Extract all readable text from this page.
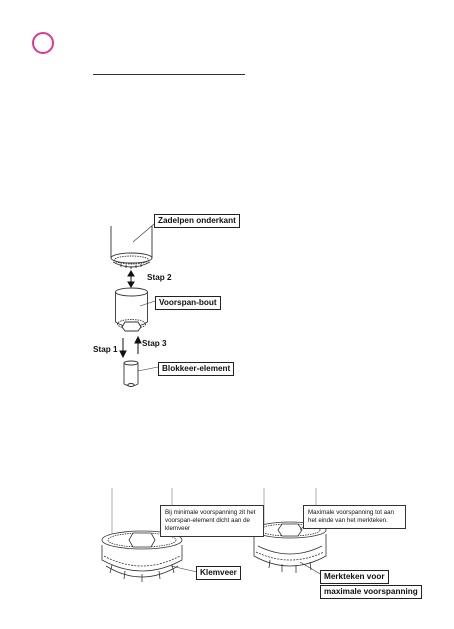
Zadelpen onderkant
Stap 2
Voorspan-bout
Stap 1
Stap 3
Blokkeer-element
Bij minimale voorspanning zit het voorspan-element dicht aan de klemveer
Maximale voorspanning tot aan het einde van het merkteken.
Klemveer	Merkteken voor
maximale voorspanning
